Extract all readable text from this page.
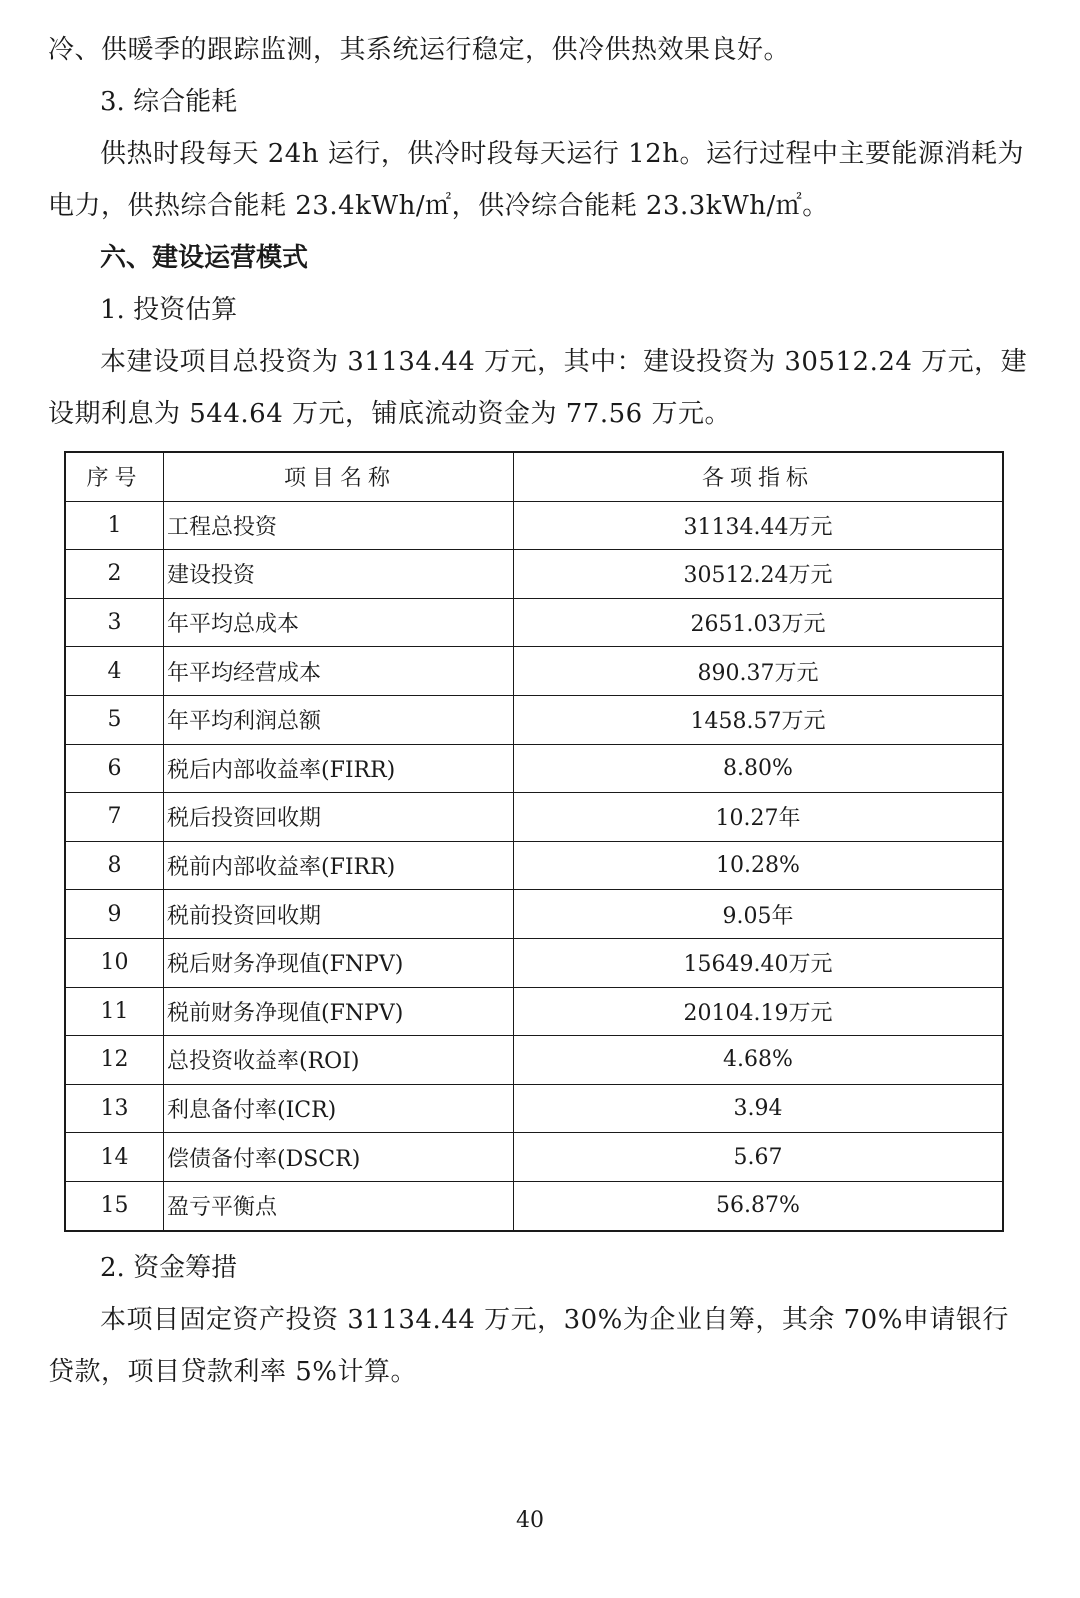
冷、供暖季的跟踪监测，其系统运行稳定，供冷供热效果良好。

3. 综合能耗

供热时段每天 24h 运行，供冷时段每天运行 12h。运行过程中主要能源消耗为电力，供热综合能耗 23.4kWh/㎡，供冷综合能耗 23.3kWh/㎡。

六、建设运营模式

1. 投资估算

本建设项目总投资为 31134.44 万元，其中：建设投资为 30512.24 万元，建设期利息为 544.64 万元，铺底流动资金为 77.56 万元。

序号	项目名称	各项指标
1	工程总投资	31134.44万元
2	建设投资	30512.24万元
3	年平均总成本	2651.03万元
4	年平均经营成本	890.37万元
5	年平均利润总额	1458.57万元
6	税后内部收益率(FIRR)	8.80%
7	税后投资回收期	10.27年
8	税前内部收益率(FIRR)	10.28%
9	税前投资回收期	9.05年
10	税后财务净现值(FNPV)	15649.40万元
11	税前财务净现值(FNPV)	20104.19万元
12	总投资收益率(ROI)	4.68%
13	利息备付率(ICR)	3.94
14	偿债备付率(DSCR)	5.67
15	盈亏平衡点	56.87%

2. 资金筹措

本项目固定资产投资 31134.44 万元，30%为企业自筹，其余 70%申请银行贷款，项目贷款利率 5%计算。

40
